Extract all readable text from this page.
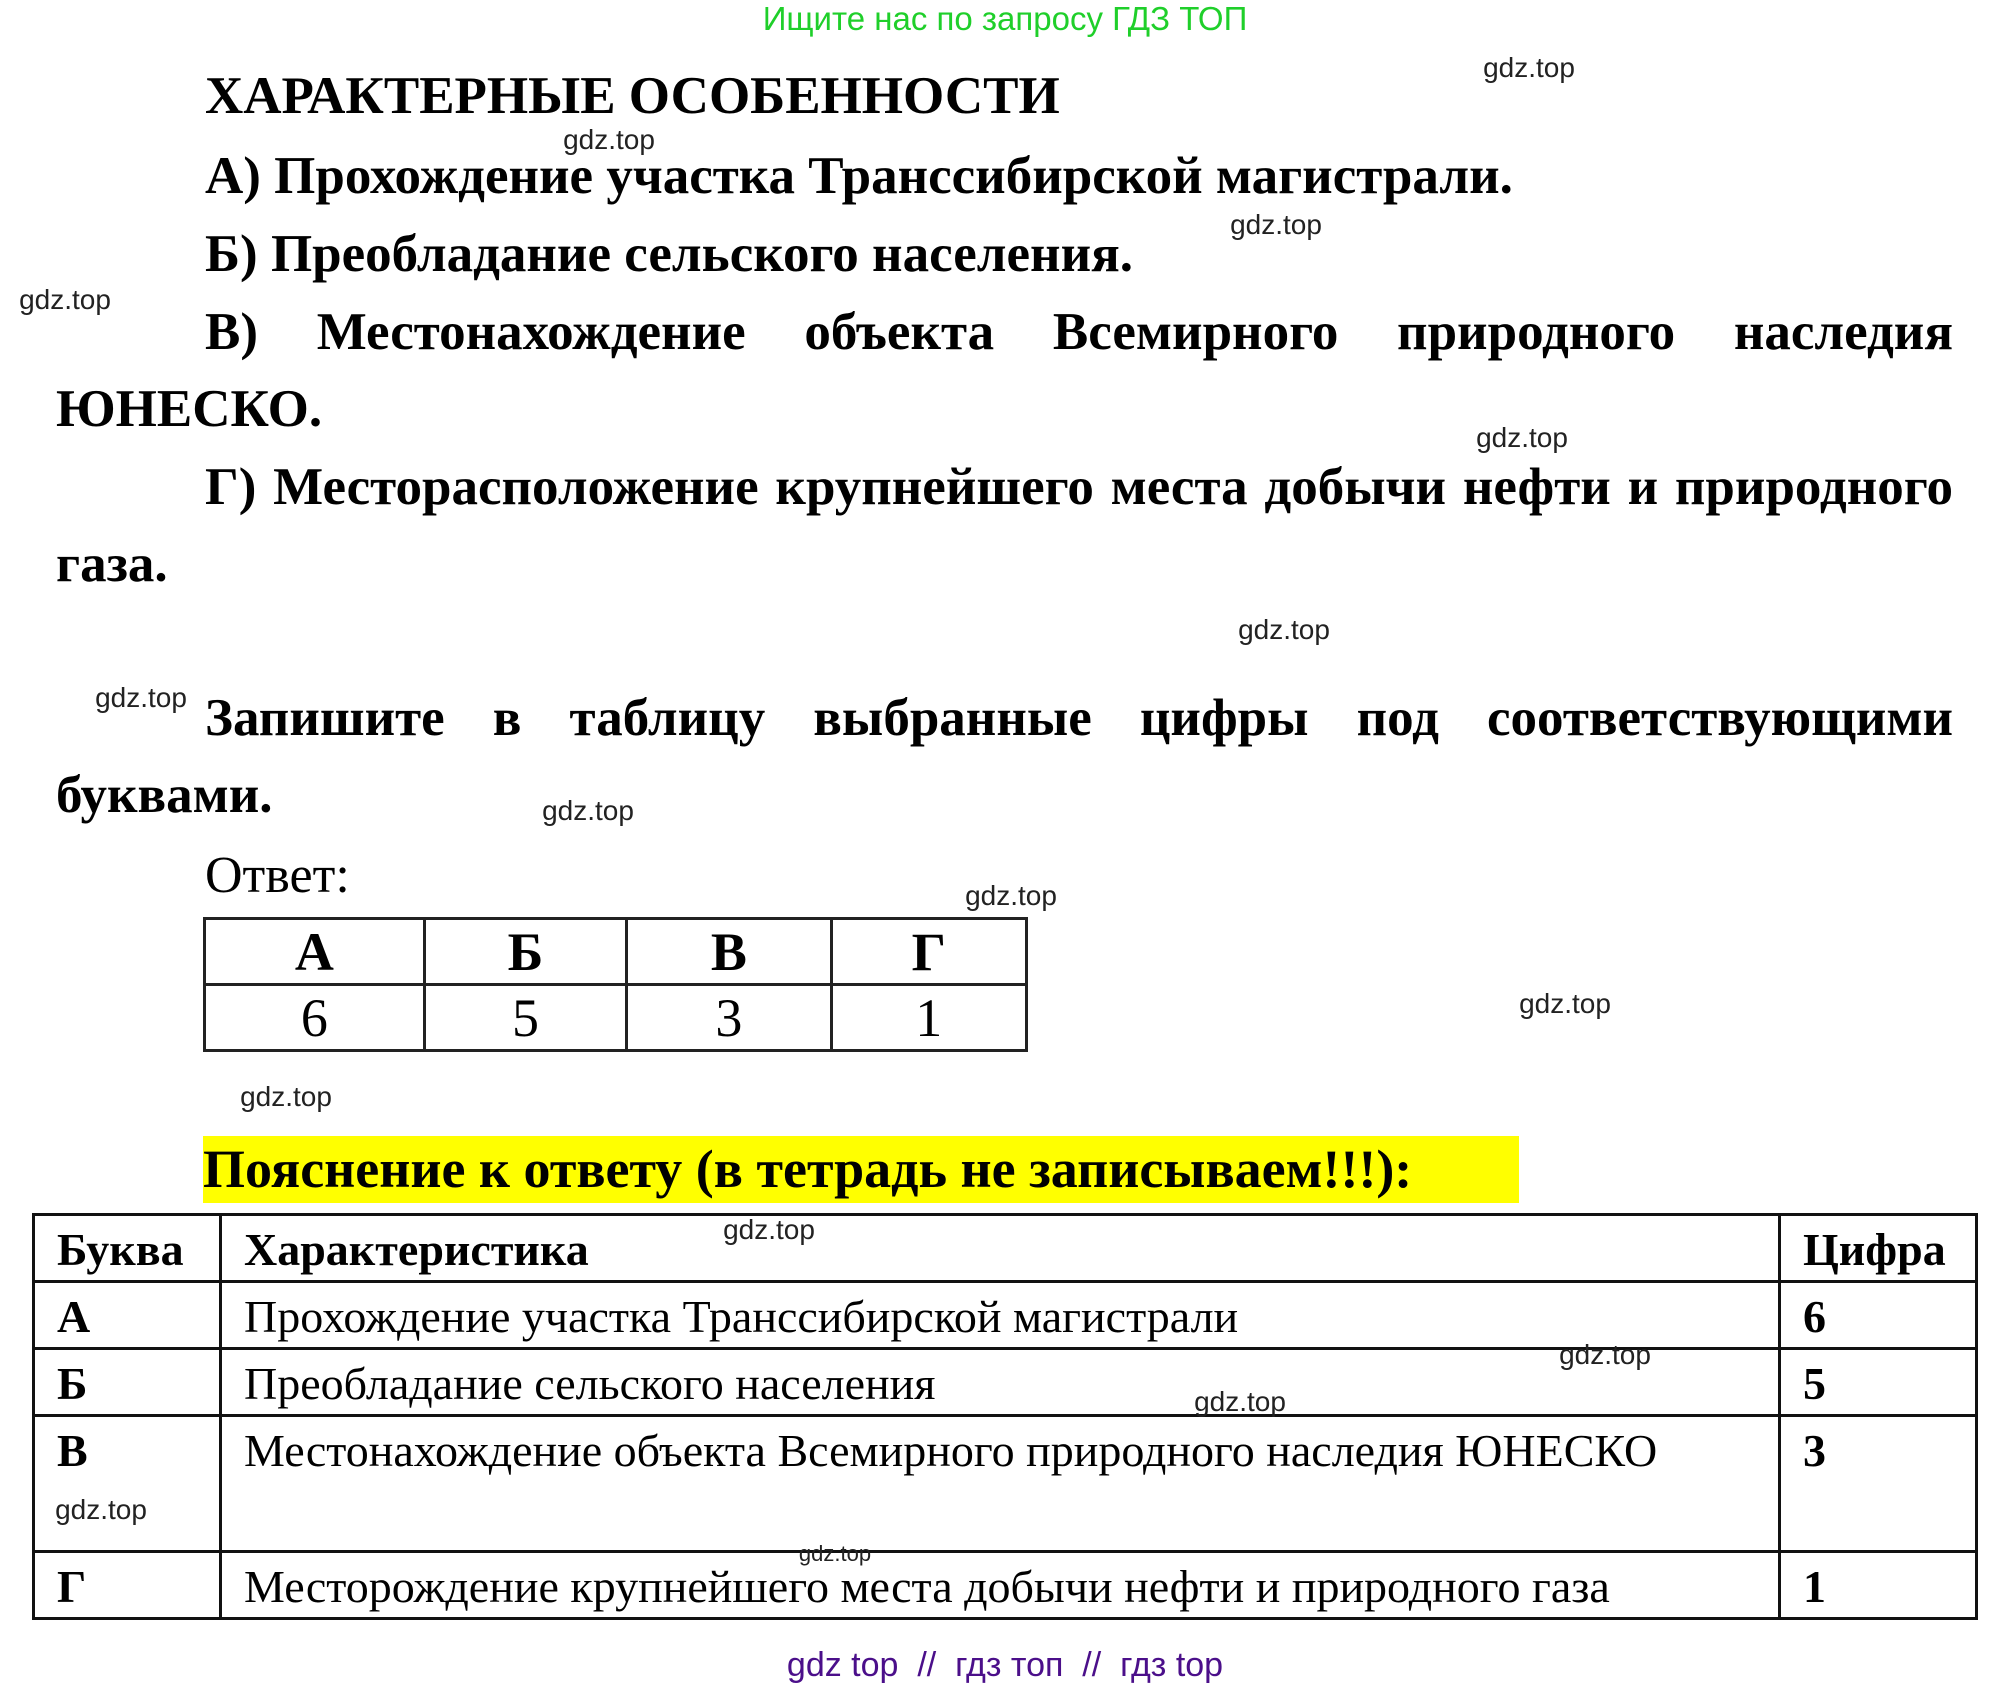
Ищите нас по запросу ГДЗ ТОП
ХАРАКТЕРНЫЕ ОСОБЕННОСТИ
А) Прохождение участка Транссибирской магистрали.
Б) Преобладание сельского населения.
В) Местонахождение объекта Всемирного природного наследия ЮНЕСКО.
Г) Месторасположение крупнейшего места добычи нефти и природного газа.
Запишите в таблицу выбранные цифры под соответствующими буквами.
Ответ:
А	Б	В	Г
6	5	3	1
Пояснение к ответу (в тетрадь не записываем!!!):
Буква	Характеристика	Цифра
А	Прохождение участка Транссибирской магистрали	6
Б	Преобладание сельского населения	5
В	Местонахождение объекта Всемирного природного наследия ЮНЕСКО	3
Г	Месторождение крупнейшего места добычи нефти и природного газа	1
gdz.top
gdz.top
gdz.top
gdz.top
gdz.top
gdz.top
gdz.top
gdz.top
gdz.top
gdz.top
gdz.top
gdz.top
gdz.top
gdz.top
gdz.top
gdz.top
gdz top  //  гдз топ  //  гдз top
